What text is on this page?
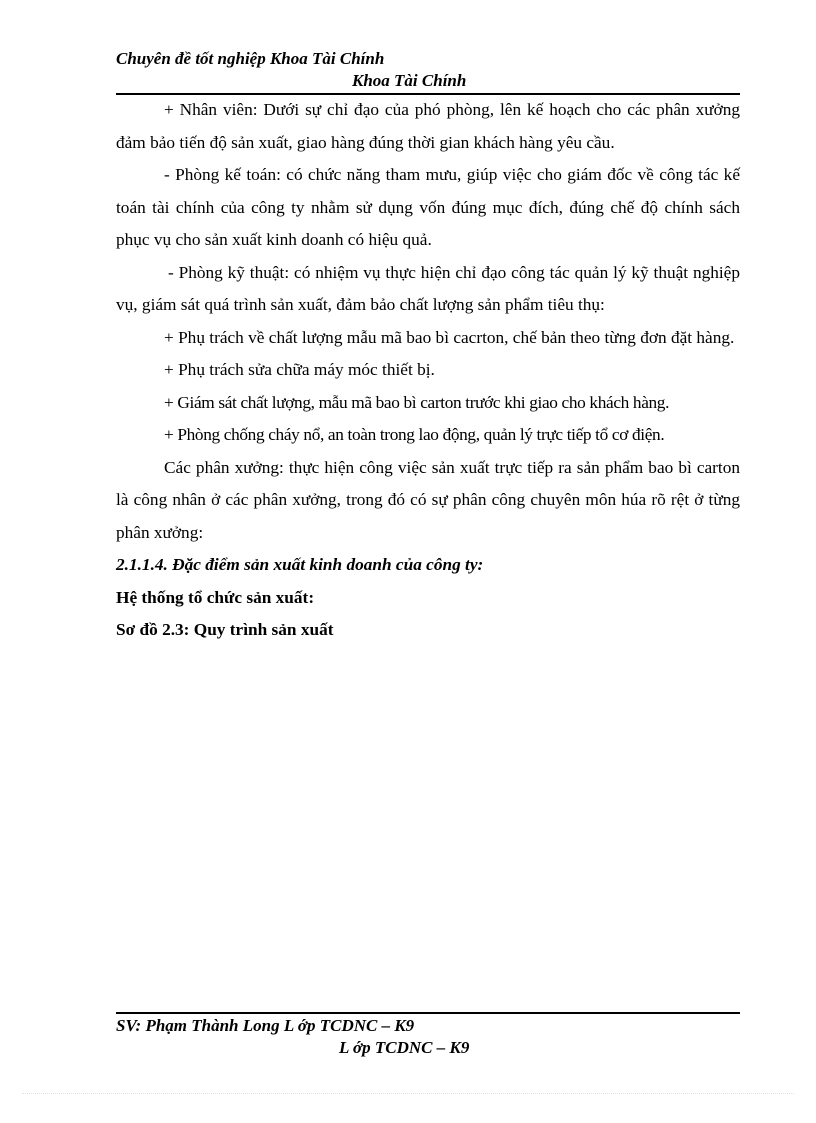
Chuyên đề tốt nghiệp Khoa Tài Chính
Khoa Tài Chính

+ Nhân viên: Dưới sự chỉ đạo của phó phòng, lên kế hoạch cho các phân xưởng đảm bảo tiến độ sản xuất, giao hàng đúng thời gian khách hàng yêu cầu.

- Phòng kế toán: có chức năng tham mưu, giúp việc cho giám đốc về công tác kế toán tài chính của công ty nhằm sử dụng vốn đúng mục đích, đúng chế độ chính sách phục vụ cho sản xuất kinh doanh có hiệu quả.

- Phòng kỹ thuật: có nhiệm vụ thực hiện chỉ đạo công tác quản lý kỹ thuật nghiệp vụ, giám sát quá trình sản xuất, đảm bảo chất lượng sản phẩm tiêu thụ:

+ Phụ trách về chất lượng mẫu mã bao bì cacrton, chế bản theo từng đơn đặt hàng.

+ Phụ trách sửa chữa máy móc thiết bị.

+ Giám sát chất lượng, mẫu mã bao bì carton trước khi giao cho khách hàng.

+ Phòng chống cháy nổ, an toàn trong lao động, quản lý trực tiếp tổ cơ điện.

Các phân xưởng: thực hiện công việc sản xuất trực tiếp ra sản phẩm bao bì carton là công nhân ở các phân xưởng, trong đó có sự phân công chuyên môn húa rõ rệt ở từng phân xưởng:

2.1.1.4. Đặc điểm sản xuất kinh doanh của công ty:

Hệ thống tổ chức sản xuất:

Sơ đồ 2.3: Quy trình sản xuất

SV: Phạm Thành Long L ớp TCDNC – K9
L ớp TCDNC – K9
